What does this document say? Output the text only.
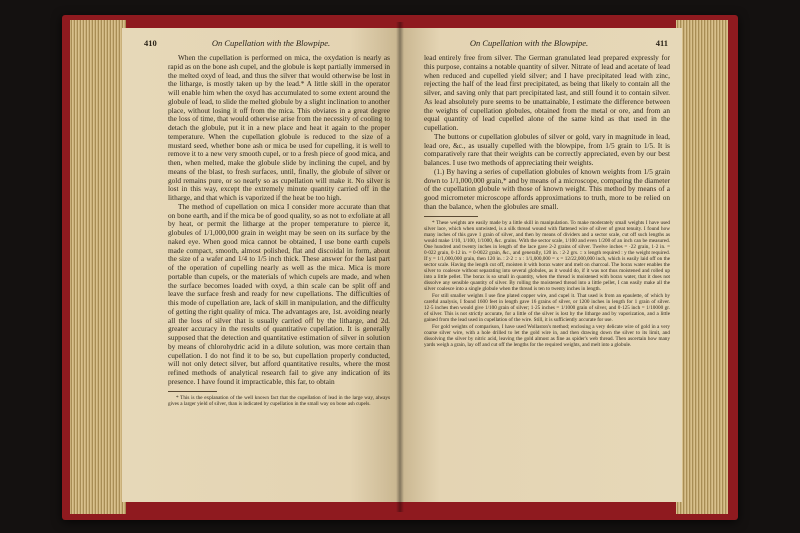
410	On Cupellation with the Blowpipe.

When the cupellation is performed on mica, the oxydation is nearly as rapid as on the bone ash cupel, and the globule is kept partially immersed in the melted oxyd of lead, and thus the silver that would otherwise be lost in the litharge, is mostly taken up by the lead.* A little skill in the operator will enable him when the oxyd has accumulated to some extent around the globule of lead, to slide the melted globule by a slight inclination to another place, without losing it off from the mica. This obviates in a great degree the loss of time, that would otherwise arise from the necessity of cooling to detach the globule, put it in a new place and heat it again to the proper temperature. When the cupellation globule is reduced to the size of a mustard seed, whether bone ash or mica be used for cupelling, it is well to remove it to a new very smooth cupel, or to a fresh piece of good mica, and then, when melted, make the globule slide by inclining the cupel, and by means of the blast, to fresh surfaces, until, finally, the globule of silver or gold remains pure, or so nearly so as cupellation will make it. No silver is lost in this way, except the extremely minute quantity carried off in the litharge, and that which is vaporized if the heat be too high.

The method of cupellation on mica I consider more accurate than that on bone earth, and if the mica be of good quality, so as not to exfoliate at all by heat, or permit the litharge at the proper temperature to pierce it, globules of 1/1,000,000 grain in weight may be seen on its surface by the naked eye. When good mica cannot be obtained, I use bone earth cupels made compact, smooth, almost polished, flat and discoidal in form, about the size of a wafer and 1/4 to 1/5 inch thick. These answer for the last part of the operation of cupelling nearly as well as the mica. Mica is more portable than cupels, or the materials of which cupels are made, and when the surface becomes loaded with oxyd, a thin scale can be split off and leave the surface fresh and ready for new cupellations. The difficulties of this mode of cupellation are, lack of skill in manipulation, and the difficulty of getting the right quality of mica. The advantages are, 1st. avoiding nearly all the loss of silver that is usually carried off by the litharge, and 2d. greater accuracy in the results of quantitative cupellation. It is generally supposed that the detection and quantitative estimation of silver in solution by means of chlorohydric acid in a dilute solution, was more certain than cupellation. I do not find it to be so, but cupellation properly conducted, will not only detect silver, but afford quantitative results, where the most refined methods of analytical research fail to give any indication of its presence. I have found it impracticable, this far, to obtain

* This is the explanation of the well known fact that the cupellation of lead in the large way, always gives a larger yield of silver, than is indicated by cupellation in the small way on bone ash cupels.

On Cupellation with the Blowpipe.	411

lead entirely free from silver. The German granulated lead prepared expressly for this purpose, contains a notable quantity of silver. Nitrate of lead and acetate of lead when reduced and cupelled yield silver; and I have precipitated lead with zinc, rejecting the half of the lead first precipitated, as being that likely to contain all the silver, and saving only that part precipitated last, and still found it to contain silver. As lead absolutely pure seems to be unattainable, I estimate the difference between the weights of cupellation globules, obtained from the metal or ore, and from an equal quantity of lead cupelled alone of the same kind as that used in the cupellation.

The buttons or cupellation globules of silver or gold, vary in magnitude in lead, lead ore, &c., as usually cupelled with the blowpipe, from 1/5 grain to 1/5. It is comparatively rare that their weights can be correctly appreciated, even by our best balances. I use two methods of appreciating their weights.

(1.) By having a series of cupellation globules of known weights from 1/5 grain down to 1/1,000,000 grain,* and by means of a microscope, comparing the diameter of the cupellation globule with those of known weight. This method by means of a good micrometer microscope affords approximations to truth, more to be relied on than the balance, when the globules are small.

* These weights are easily made by a little skill in manipulation. To make moderately small weights I have used silver lace, which when untwisted, is a silk thread wound with flattened wire of silver of great tenuity. I found how many inches of this gave 1 grain of silver, and then by means of dividers and a sector scale, cut off such lengths as would make 1/10, 1/100, 1/1000, &c. grains. With the sector scale, 1/100 and even 1/200 of an inch can be measured. One hundred and twenty inches in length of the lace gave 2-2 grains of silver. Twelve inches = ·22 grain, 1·2 in. = 0·022 grain, 0·12 in. = 0·0022 grain, &c., and generally, 120 in. : 2·2 grs. :: x length required : y the weight required. If y = 1/1,000,000 grain, then 120 in. : 2·2 :: x : 1/1,000,000 = x = 12/22,000,000 inch, which is easily laid off on the sector scale. Having the length cut off, moisten it with borax water and melt on charcoal. The borax water enables the silver to coalesce without separating into several globules, as it would do, if it was not thus moistened and rolled up into a little pellet. The borax is so small in quantity, when the thread is moistened with borax water, that it does not dissolve any sensible quantity of silver. By rolling the moistened thread into a little pellet, I can easily make all the silver coalesce into a single globule when the thread is ten to twenty inches in length.

For still smaller weights I use fine plated copper wire, and cupel it. That used is from an epaulette, of which by careful analysis, I found 1600 feet in length gave 16 grains of silver, or 1200 inches in length for 1 grain of silver. 12·5 inches then would give 1/100 grain of silver; 1·25 inches = 1/1000 grain of silver, and 0·125 inch = 1/10000 gr. of silver. This is not strictly accurate, for a little of the silver is lost by the litharge and by vaporization, and a little gained from the lead used in cupellation of the wire. Still, it is sufficiently accurate for use.

For gold weights of comparison, I have used Wollaston's method; enclosing a very delicate wire of gold in a very coarse silver wire, with a hole drilled to let the gold wire in, and then drawing down the silver to its limit, and dissolving the silver by nitric acid, leaving the gold almost as fine as spider's web thread. Then ascertain how many yards weigh a grain, lay off and cut off the lengths for the required weights, and melt into a globule.
